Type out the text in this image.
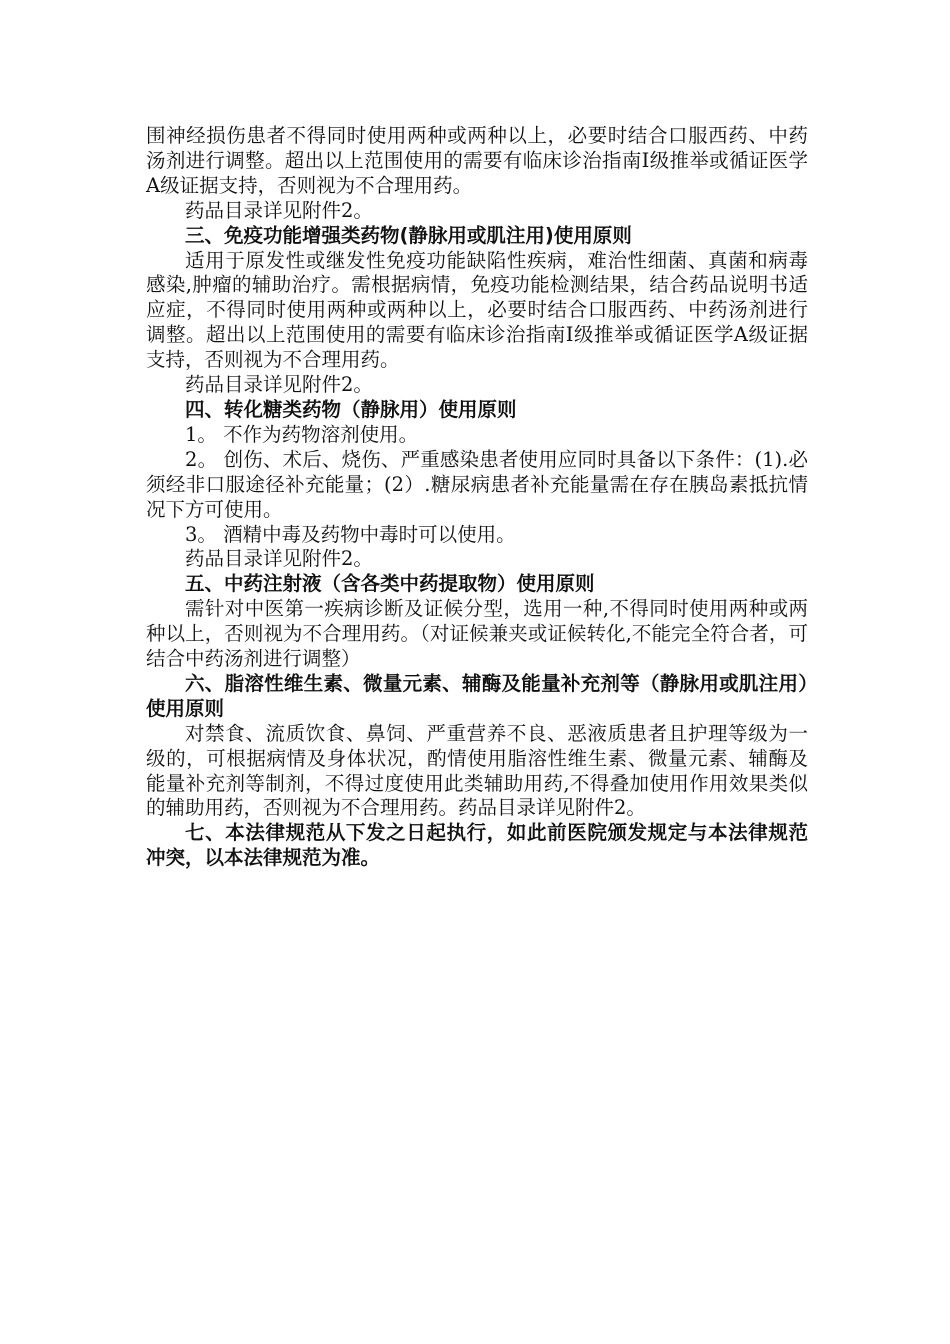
围神经损伤患者不得同时使用两种或两种以上，必要时结合口服西药、中药汤剂进行调整。超出以上范围使用的需要有临床诊治指南Ⅰ级推举或循证医学A级证据支持，否则视为不合理用药。

药品目录详见附件2。

三、免疫功能增强类药物(静脉用或肌注用)使用原则

适用于原发性或继发性免疫功能缺陷性疾病，难治性细菌、真菌和病毒感染,肿瘤的辅助治疗。需根据病情，免疫功能检测结果，结合药品说明书适应症，不得同时使用两种或两种以上，必要时结合口服西药、中药汤剂进行调整。超出以上范围使用的需要有临床诊治指南Ⅰ级推举或循证医学A级证据支持，否则视为不合理用药。

药品目录详见附件2。

四、转化糖类药物（静脉用）使用原则

1。 不作为药物溶剂使用。

2。 创伤、术后、烧伤、严重感染患者使用应同时具备以下条件：(1).必须经非口服途径补充能量；(2）.糖尿病患者补充能量需在存在胰岛素抵抗情况下方可使用。

3。 酒精中毒及药物中毒时可以使用。

药品目录详见附件2。

五、中药注射液（含各类中药提取物）使用原则

需针对中医第一疾病诊断及证候分型，选用一种,不得同时使用两种或两种以上，否则视为不合理用药。（对证候兼夹或证候转化,不能完全符合者，可结合中药汤剂进行调整）

六、脂溶性维生素、微量元素、辅酶及能量补充剂等（静脉用或肌注用）使用原则

对禁食、流质饮食、鼻饲、严重营养不良、恶液质患者且护理等级为一级的，可根据病情及身体状况，酌情使用脂溶性维生素、微量元素、辅酶及能量补充剂等制剂，不得过度使用此类辅助用药,不得叠加使用作用效果类似的辅助用药，否则视为不合理用药。药品目录详见附件2。

七、本法律规范从下发之日起执行，如此前医院颁发规定与本法律规范冲突，以本法律规范为准。
